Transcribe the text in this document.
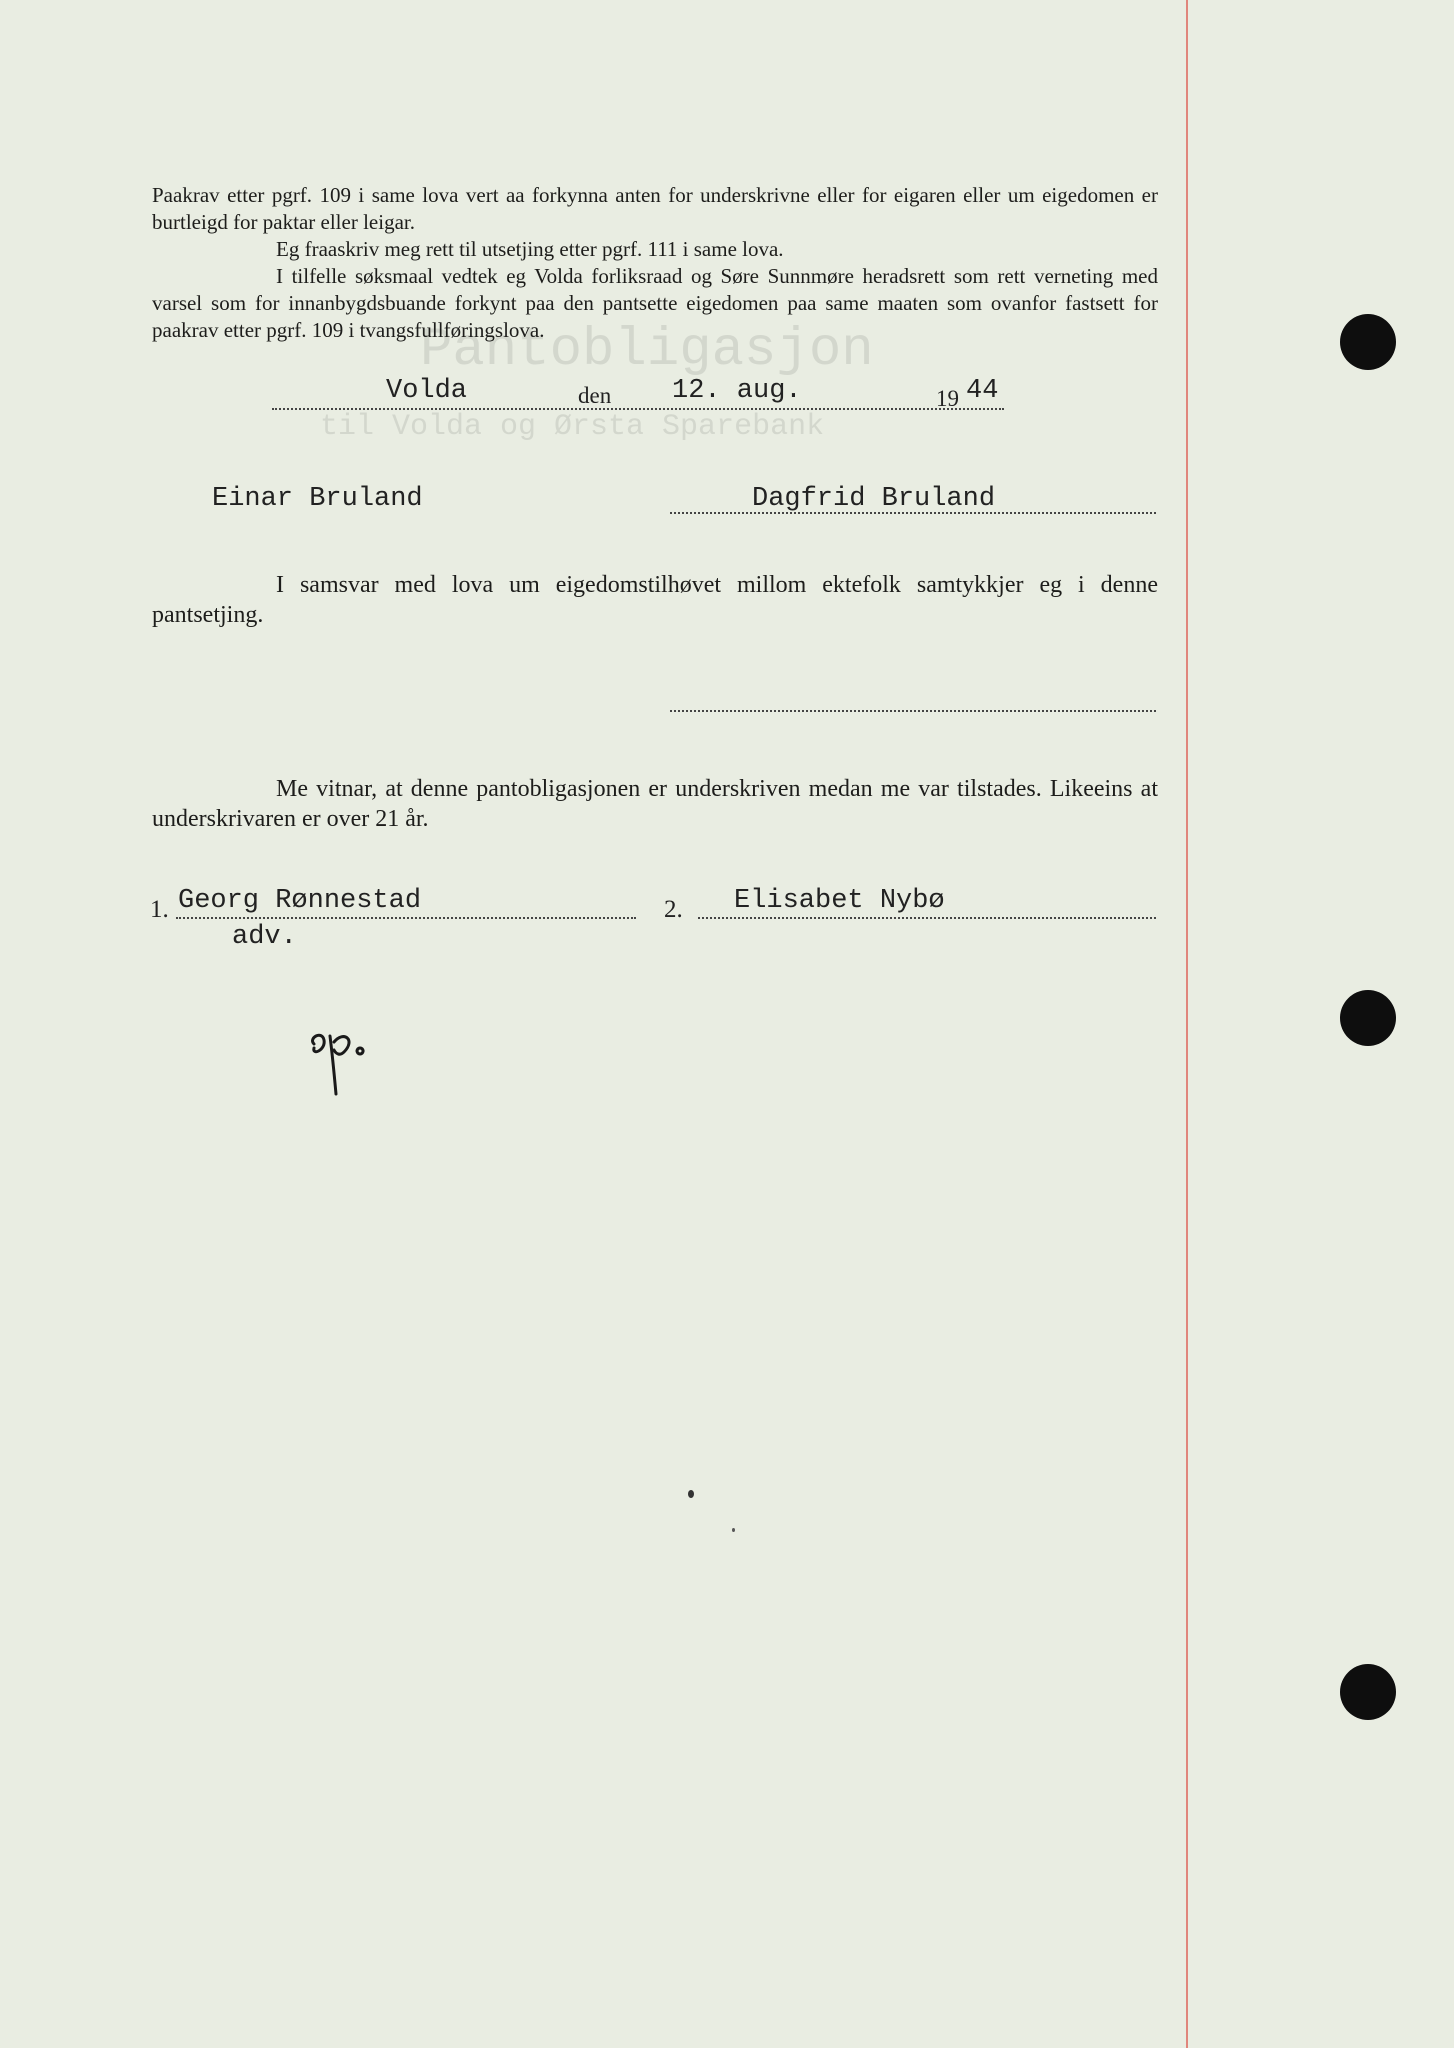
Pantobligasjon
til Volda og Ørsta Sparebank
Paakrav etter pgrf. 109 i same lova vert aa forkynna anten for underskrivne eller for eigaren eller um eigedomen er burtleigd for paktar eller leigar.
Eg fraaskriv meg rett til utsetjing etter pgrf. 111 i same lova.
I tilfelle søksmaal vedtek eg Volda forliksraad og Søre Sunnmøre heradsrett som rett verneting med varsel som for innanbygdsbuande forkynt paa den pantsette eigedomen paa same maaten som ovanfor fastsett for paakrav etter pgrf. 109 i tvangsfullføringslova.
Volda	den 12. aug.	19 44
Einar Bruland	Dagfrid Bruland
I samsvar med lova um eigedomstilhøvet millom ektefolk samtykkjer eg i denne pantsetjing.
Me vitnar, at denne pantobligasjonen er underskriven medan me var tilstades. Likeeins at underskrivaren er over 21 år.
1. Georg Rønnestad
adv.
2. Elisabet Nybø
